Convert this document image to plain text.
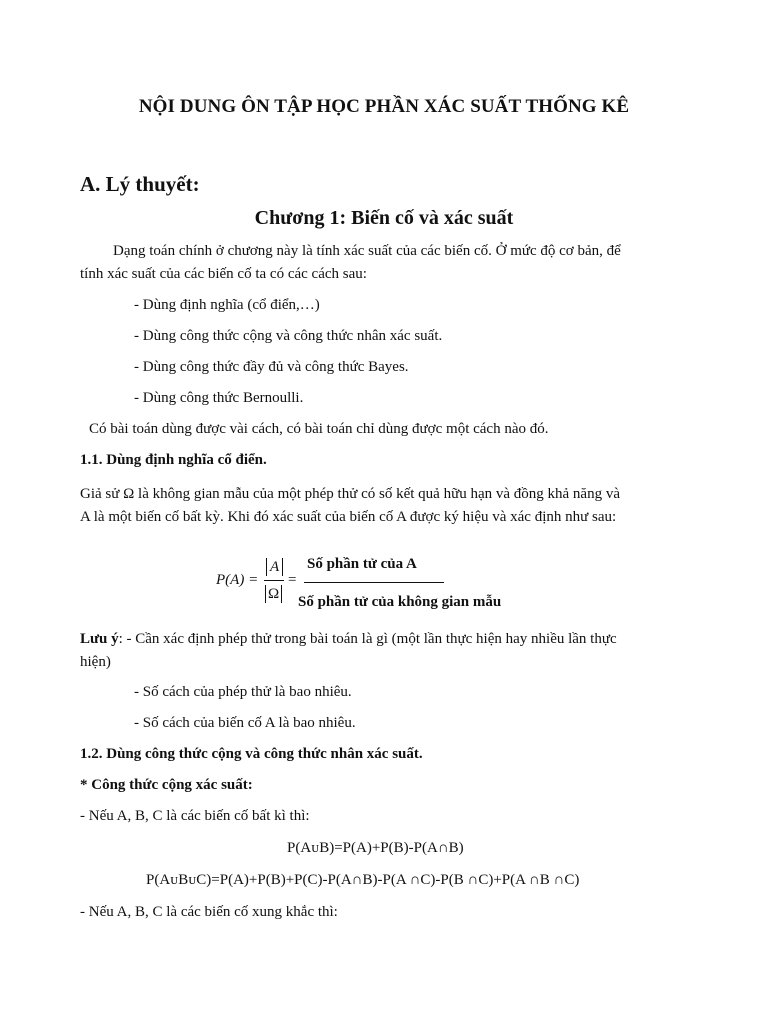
NỘI DUNG ÔN TẬP HỌC PHẦN XÁC SUẤT THỐNG KÊ
A. Lý thuyết:
Chương 1: Biến cố và xác suất
Dạng toán chính ở chương này là tính xác suất của các biến cố. Ở mức độ cơ bản, để
tính xác suất của các biến cố ta có các cách sau:
- Dùng định nghĩa (cổ điển,…)
- Dùng công thức cộng và công thức nhân xác suất.
- Dùng công thức đầy đủ và công thức Bayes.
- Dùng công thức Bernoulli.
Có bài toán dùng được vài cách, có bài toán chỉ dùng được một cách nào đó.
1.1. Dùng định nghĩa cổ điển.
Giả sử Ω là không gian mẫu của một phép thử có số kết quả hữu hạn và đồng khả năng và
A là một biến cố bất kỳ. Khi đó xác suất của biến cố A được ký hiệu và xác định như sau:
P(A) =
A
Ω
=
Số phần tử của A
Số phần tử của không gian mẫu
Lưu ý: - Cần xác định phép thử trong bài toán là gì (một lần thực hiện hay nhiều lần thực
hiện)
- Số cách của phép thử là bao nhiêu.
- Số cách của biến cố A là bao nhiêu.
1.2. Dùng công thức cộng và công thức nhân xác suất.
* Công thức cộng xác suất:
- Nếu A, B, C là các biến cố bất kì thì:
P(AᴜB)=P(A)+P(B)-P(A∩B)
P(AᴜBᴜC)=P(A)+P(B)+P(C)-P(A∩B)-P(A ∩C)-P(B ∩C)+P(A ∩B ∩C)
- Nếu A, B, C là các biến cố xung khắc thì:
